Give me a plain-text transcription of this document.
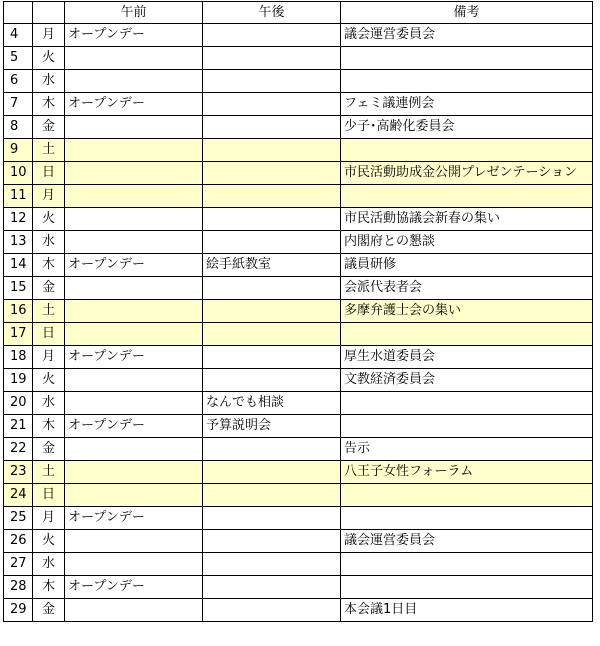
		午前	午後	備考
4	月	オープンデー		議会運営委員会
5	火			
6	水			
7	木	オープンデー		フェミ議連例会
8	金			少子･高齢化委員会
9	土			
10	日			市民活動助成金公開プレゼンテーション
11	月			
12	火			市民活動協議会新春の集い
13	水			内閣府との懇談
14	木	オープンデー	絵手紙教室	議員研修
15	金			会派代表者会
16	土			多摩弁護士会の集い
17	日			
18	月	オープンデー		厚生水道委員会
19	火			文教経済委員会
20	水		なんでも相談	
21	木	オープンデー	予算説明会	
22	金			告示
23	土			八王子女性フォーラム
24	日			
25	月	オープンデー		
26	火			議会運営委員会
27	水			
28	木	オープンデー		
29	金			本会議1日目
